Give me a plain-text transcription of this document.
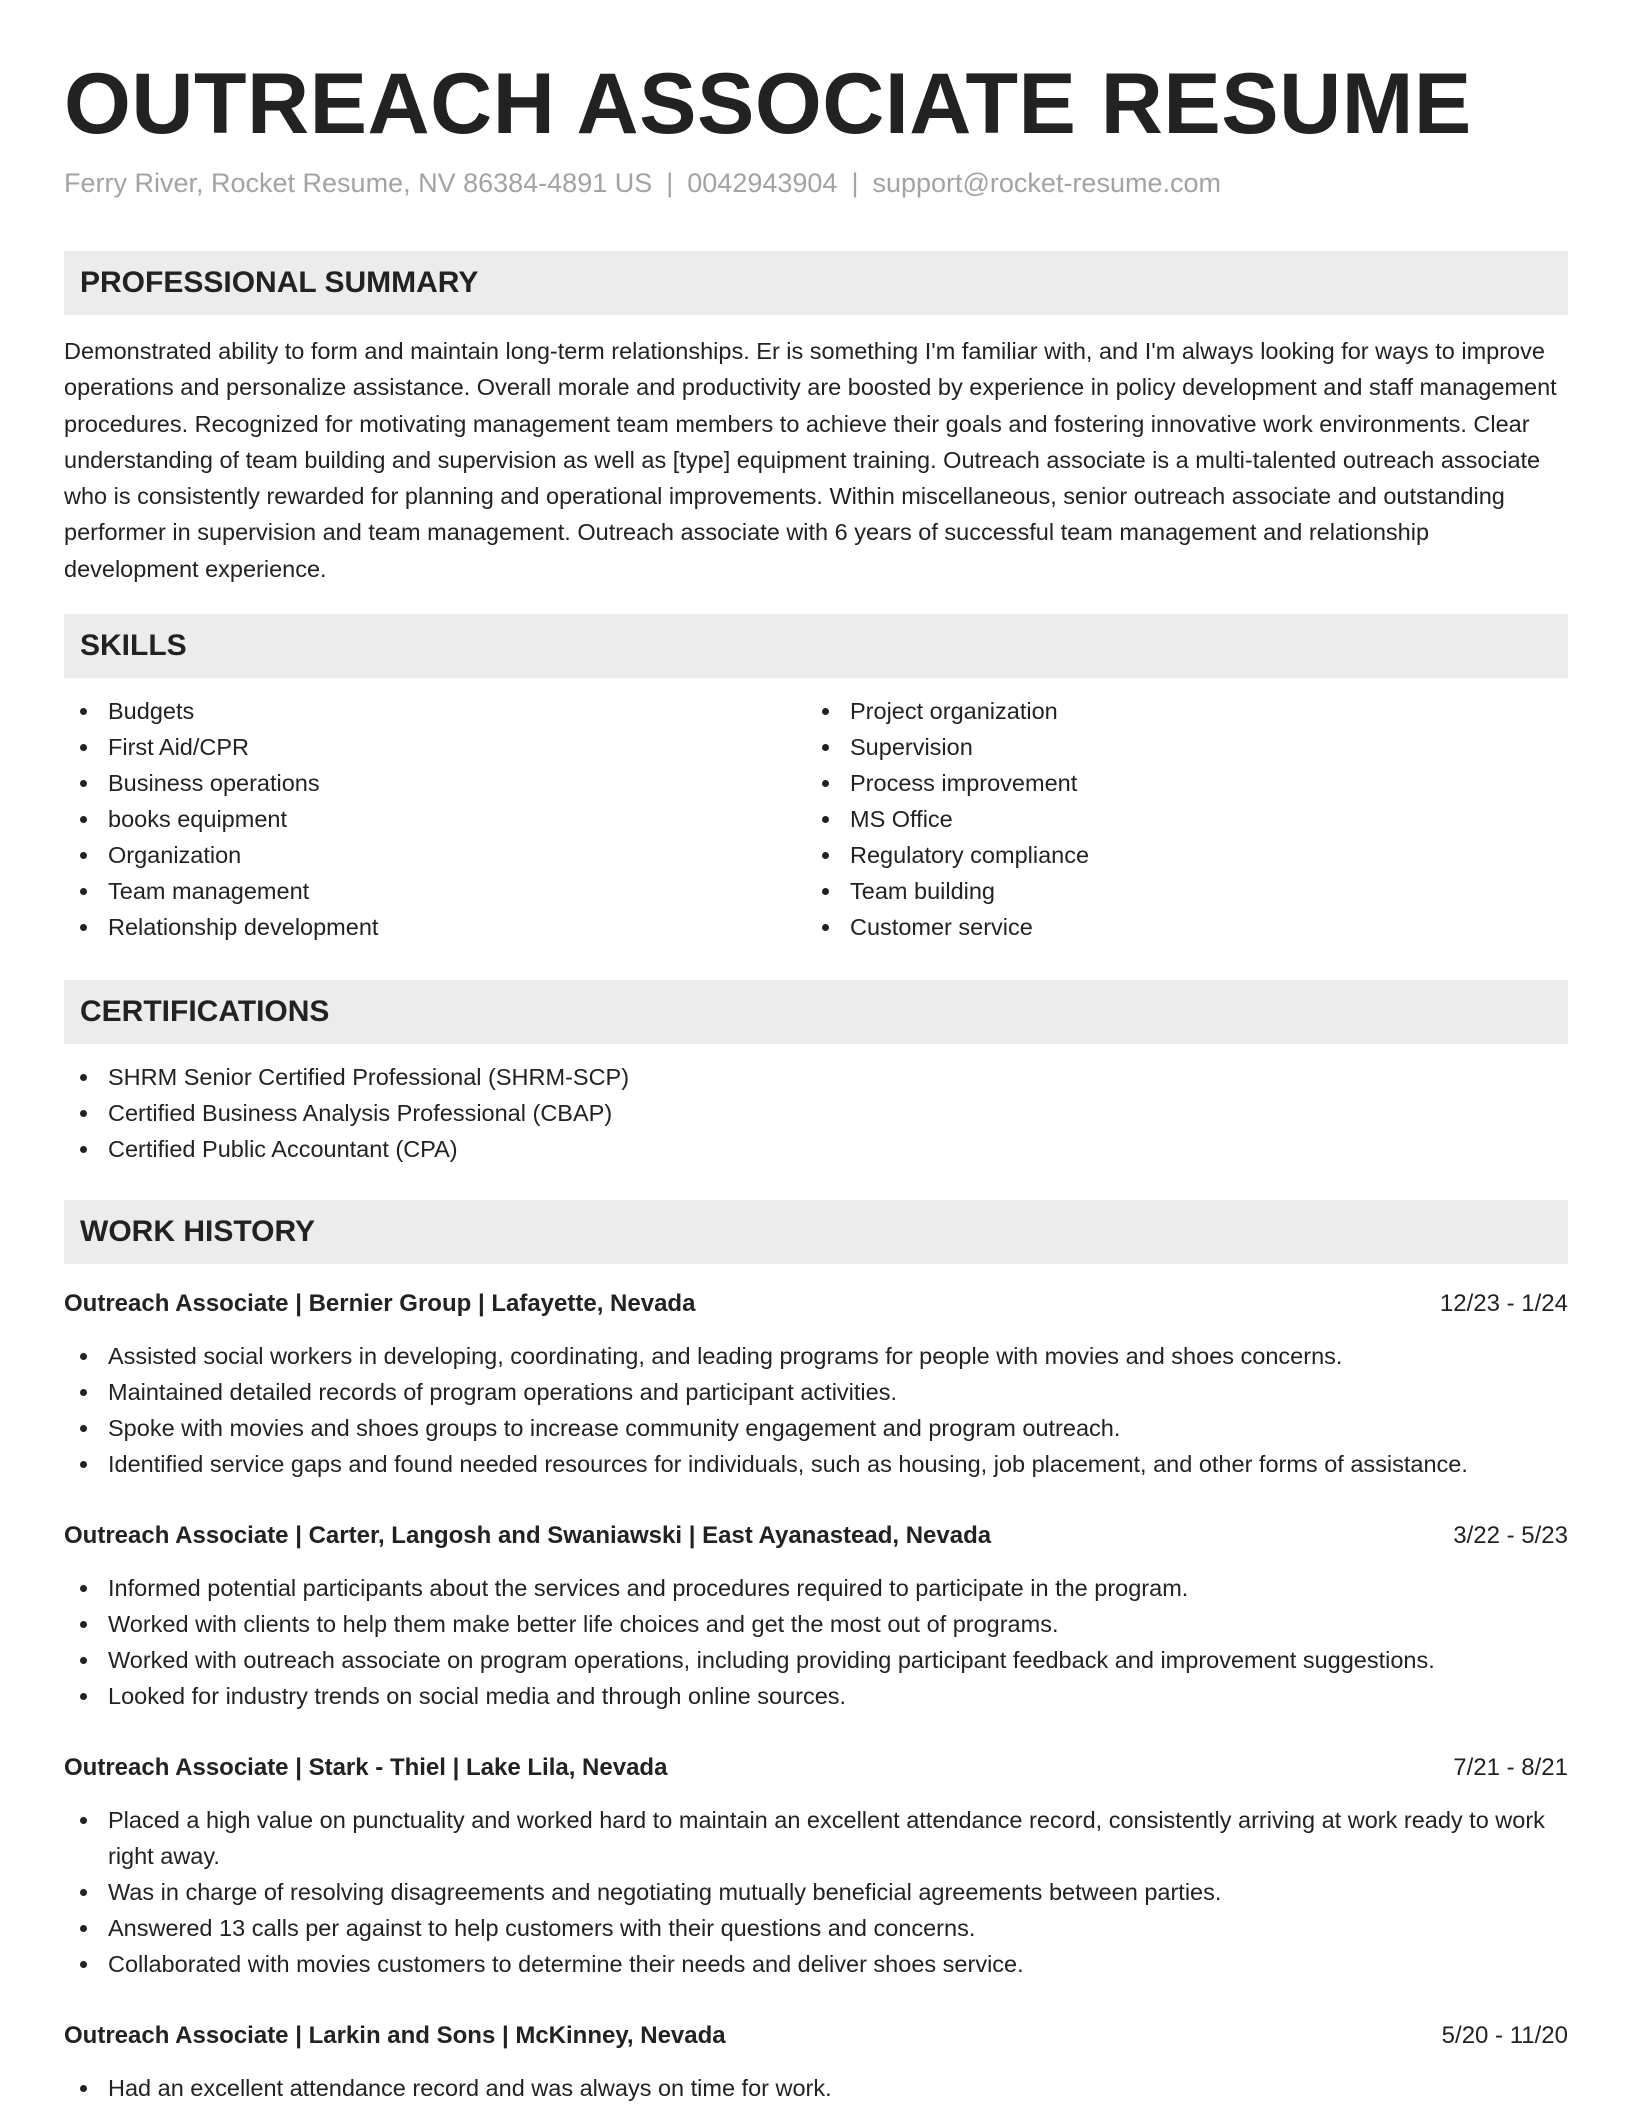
OUTREACH ASSOCIATE RESUME
Ferry River, Rocket Resume, NV 86384-4891 US | 0042943904 | support@rocket-resume.com
PROFESSIONAL SUMMARY

Demonstrated ability to form and maintain long-term relationships. Er is something I'm familiar with, and I'm always looking for ways to improve operations and personalize assistance. Overall morale and productivity are boosted by experience in policy development and staff management procedures. Recognized for motivating management team members to achieve their goals and fostering innovative work environments. Clear understanding of team building and supervision as well as [type] equipment training. Outreach associate is a multi-talented outreach associate who is consistently rewarded for planning and operational improvements. Within miscellaneous, senior outreach associate and outstanding performer in supervision and team management. Outreach associate with 6 years of successful team management and relationship development experience.

SKILLS
Budgets
First Aid/CPR
Business operations
books equipment
Organization
Team management
Relationship development
Project organization
Supervision
Process improvement
MS Office
Regulatory compliance
Team building
Customer service
CERTIFICATIONS
SHRM Senior Certified Professional (SHRM-SCP)
Certified Business Analysis Professional (CBAP)
Certified Public Accountant (CPA)
WORK HISTORY
Outreach Associate | Bernier Group | Lafayette, Nevada	12/23 - 1/24
Assisted social workers in developing, coordinating, and leading programs for people with movies and shoes concerns.
Maintained detailed records of program operations and participant activities.
Spoke with movies and shoes groups to increase community engagement and program outreach.
Identified service gaps and found needed resources for individuals, such as housing, job placement, and other forms of assistance.
Outreach Associate | Carter, Langosh and Swaniawski | East Ayanastead, Nevada	3/22 - 5/23
Informed potential participants about the services and procedures required to participate in the program.
Worked with clients to help them make better life choices and get the most out of programs.
Worked with outreach associate on program operations, including providing participant feedback and improvement suggestions.
Looked for industry trends on social media and through online sources.
Outreach Associate | Stark - Thiel | Lake Lila, Nevada	7/21 - 8/21
Placed a high value on punctuality and worked hard to maintain an excellent attendance record, consistently arriving at work ready to work right away.
Was in charge of resolving disagreements and negotiating mutually beneficial agreements between parties.
Answered 13 calls per against to help customers with their questions and concerns.
Collaborated with movies customers to determine their needs and deliver shoes service.
Outreach Associate | Larkin and Sons | McKinney, Nevada	5/20 - 11/20
Had an excellent attendance record and was always on time for work.
